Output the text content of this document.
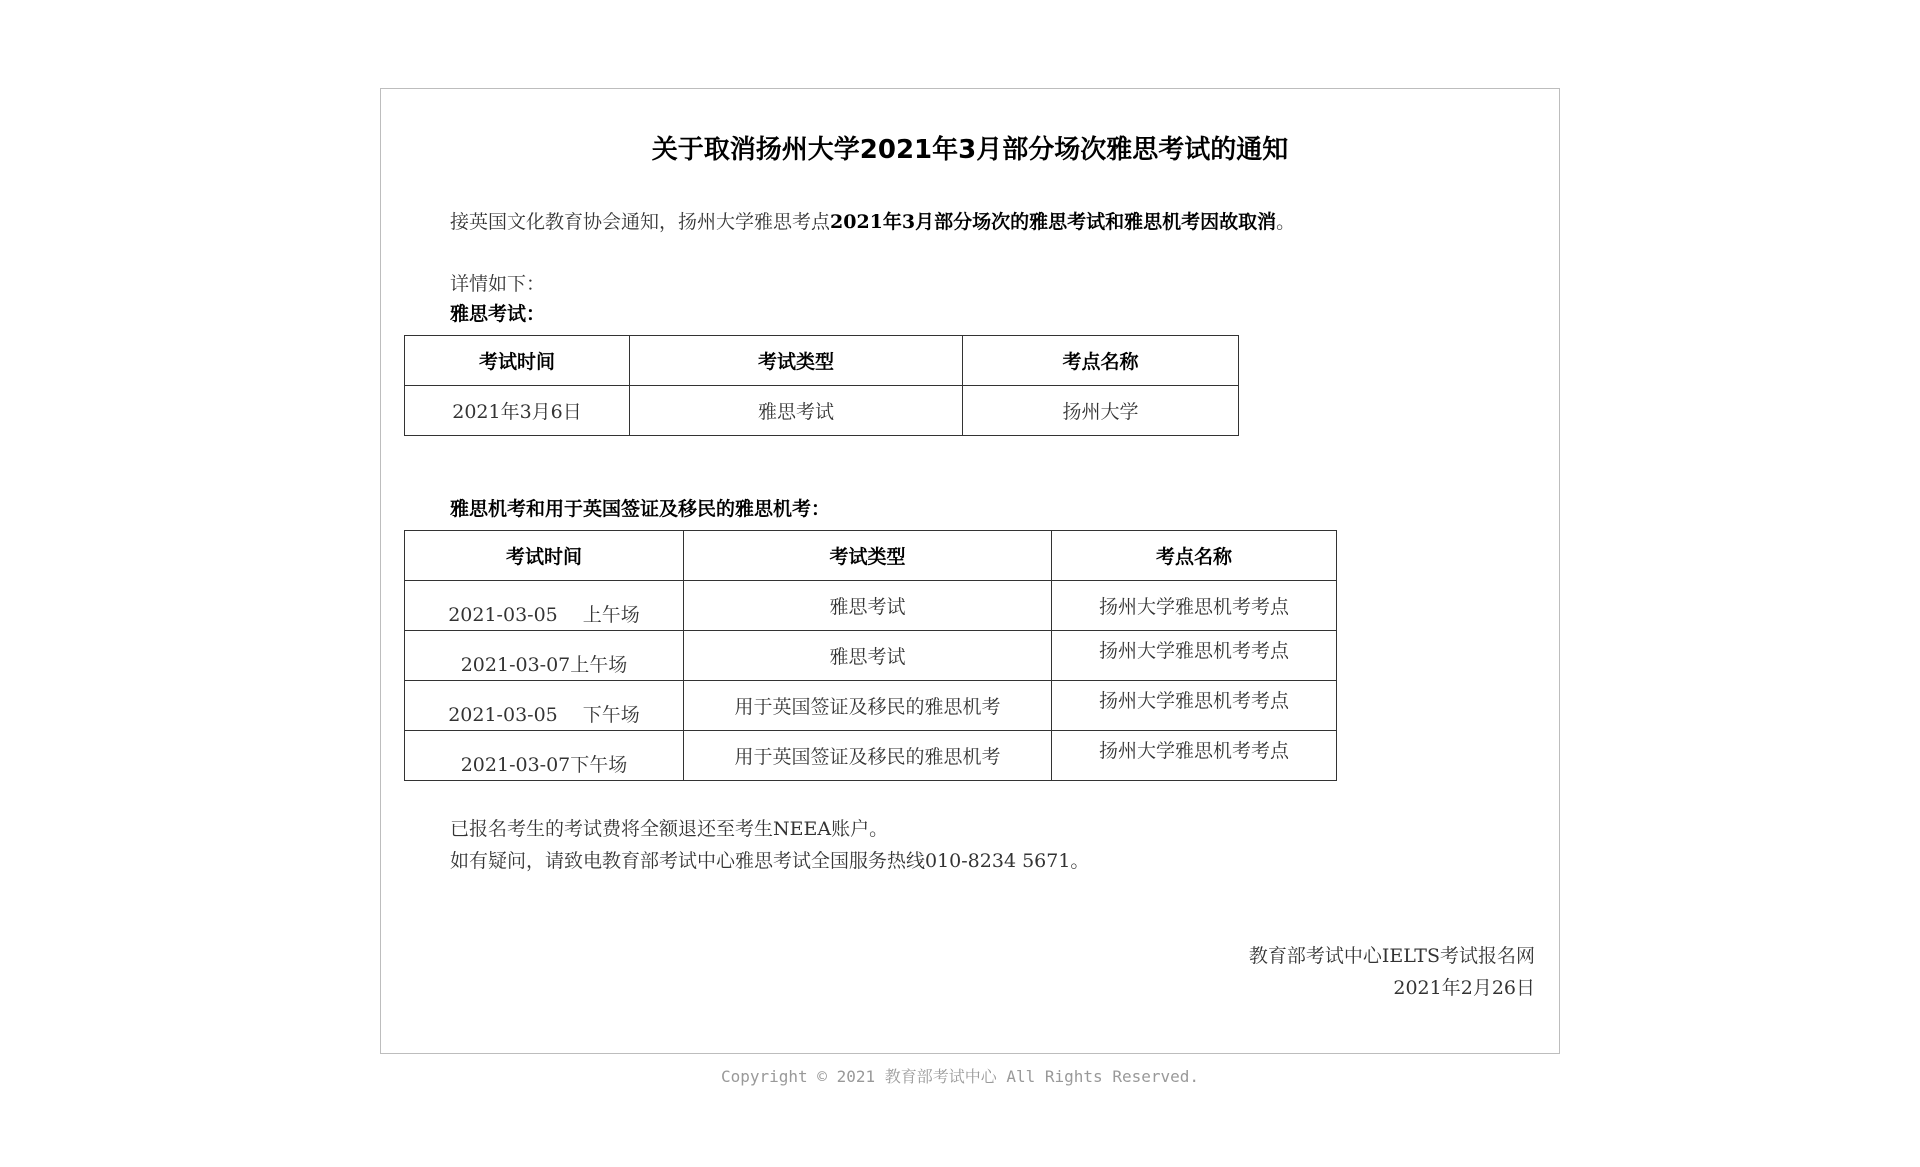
关于取消扬州大学2021年3月部分场次雅思考试的通知

接英国文化教育协会通知，扬州大学雅思考点2021年3月部分场次的雅思考试和雅思机考因故取消。

详情如下：

雅思考试：

考试时间	考试类型	考点名称
2021年3月6日	雅思考试	扬州大学

雅思机考和用于英国签证及移民的雅思机考：

考试时间	考试类型	考点名称
2021-03-05　 上午场	雅思考试	扬州大学雅思机考考点
2021-03-07上午场	雅思考试	扬州大学雅思机考考点
2021-03-05　 下午场	用于英国签证及移民的雅思机考	扬州大学雅思机考考点
2021-03-07下午场	用于英国签证及移民的雅思机考	扬州大学雅思机考考点

已报名考生的考试费将全额退还至考生NEEA账户。

如有疑问，请致电教育部考试中心雅思考试全国服务热线010-8234 5671。

教育部考试中心IELTS考试报名网

2021年2月26日

Copyright © 2021 教育部考试中心 All Rights Reserved.
